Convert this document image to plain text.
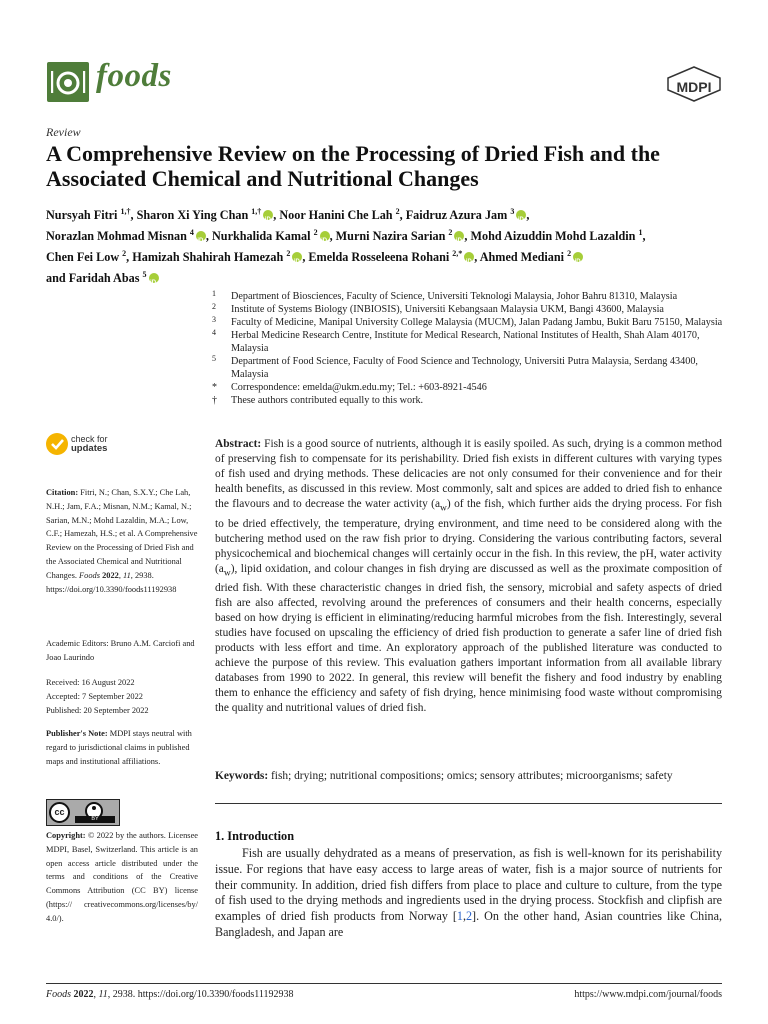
foods	MDPI
Review
A Comprehensive Review on the Processing of Dried Fish and the Associated Chemical and Nutritional Changes
Nursyah Fitri $^{1,\dagger}$, Sharon Xi Ying Chan $^{1,\dagger}$ iD , Noor Hanini Che Lah $^2$, Faidruz Azura Jam $^3$ iD ,
Norazlan Mohmad Misnan $^4$ iD , Nurkhalida Kamal $^2$ iD , Murni Nazira Sarian $^2$ iD , Mohd Aizuddin Mohd Lazaldin $^1$,
Chen Fei Low $^2$, Hamizah Shahirah Hamezah $^2$ iD , Emelda Rosseleena Rohani $^{2,*}$ iD , Ahmed Mediani $^2$iD
and Faridah Abas $^5$iD
1 Department of Biosciences, Faculty of Science, Universiti Teknologi Malaysia, Johor Bahru 81310, Malaysia
2 Institute of Systems Biology (INBIOSIS), Universiti Kebangsaan Malaysia UKM, Bangi 43600, Malaysia
3 Faculty of Medicine, Manipal University College Malaysia (MUCM), Jalan Padang Jambu, Bukit Baru 75150, Malaysia
4 Herbal Medicine Research Centre, Institute for Medical Research, National Institutes of Health, Shah Alam 40170, Malaysia
5 Department of Food Science, Faculty of Food Science and Technology, Universiti Putra Malaysia, Serdang 43400, Malaysia
* Correspondence: emelda@ukm.edu.my; Tel.: +603-8921-4546
† These authors contributed equally to this work.
Abstract: Fish is a good source of nutrients, although it is easily spoiled. As such, drying is a common method of preserving fish to compensate for its perishability. Dried fish exists in different cultures with varying types of fish used and drying methods. These delicacies are not only consumed for their convenience and for their health benefits, as discussed in this review. Most commonly, salt and spices are added to dried fish to enhance the flavours and to decrease the water activity $(a_w)$ of the fish, which further aids the drying process. For fish to be dried effectively, the temperature, drying environment, and time need to be considered along with the butchering method used on the raw fish prior to drying. Considering the various contributing factors, several physicochemical and biochemical changes will certainly occur in the fish. In this review, the pH, water activity $(a_w)$, lipid oxidation, and colour changes in fish drying are discussed as well as the proximate composition of dried fish. With these characteristic changes in dried fish, the sensory, microbial and safety aspects of dried fish are also affected, revolving around the preferences of consumers and their health concerns, especially based on how drying is efficient in eliminating/reducing harmful microbes from the fish. Interestingly, several studies have focused on upscaling the efficiency of dried fish production to generate a safer line of dried fish products with less effort and time. An exploratory approach of the published literature was conducted to achieve the purpose of this review. This evaluation gathers important information from all available library databases from 1990 to 2022. In general, this review will benefit the fishery and food industry by enabling them to enhance the efficiency and safety of fish drying, hence minimising food waste without compromising the quality and nutritional values of dried fish.
Keywords: fish; drying; nutritional compositions; omics; sensory attributes; microorganisms; safety
1. Introduction
Fish are usually dehydrated as a means of preservation, as fish is well-known for its perishability issue. For regions that have easy access to large areas of water, fish is a major source of nutrients for their community. In addition, dried fish differs from place to place and culture to culture, from the type of fish used to the drying methods and ingredients used in the drying process. Stockfish and clipfish are examples of dried fish products from Norway [1,2]. On the other hand, Asian countries like China, Bangladesh, and Japan are
check for
updates
Citation: Fitri, N.; Chan, S.X.Y.; Che Lah, N.H.; Jam, F.A.; Misnan, N.M.; Kamal, N.; Sarian, M.N.; Mohd Lazaldin, M.A.; Low, C.F.; Hamezah, H.S.; et al. A Comprehensive Review on the Processing of Dried Fish and the Associated Chemical and Nutritional Changes. Foods 2022, 11, 2938. https://doi.org/10.3390/foods11192938
Academic Editors: Bruno A.M. Carciofi and Joao Laurindo
Received: 16 August 2022
Accepted: 7 September 2022
Published: 20 September 2022
Publisher's Note: MDPI stays neutral with regard to jurisdictional claims in published maps and institutional affiliations.
cc
BY
Copyright: © 2022 by the authors. Licensee MDPI, Basel, Switzerland. This article is an open access article distributed under the terms and conditions of the Creative Commons Attribution (CC BY) license (https:// creativecommons.org/licenses/by/ 4.0/).
Foods 2022, 11, 2938. https://doi.org/10.3390/foods11192938	https://www.mdpi.com/journal/foods
